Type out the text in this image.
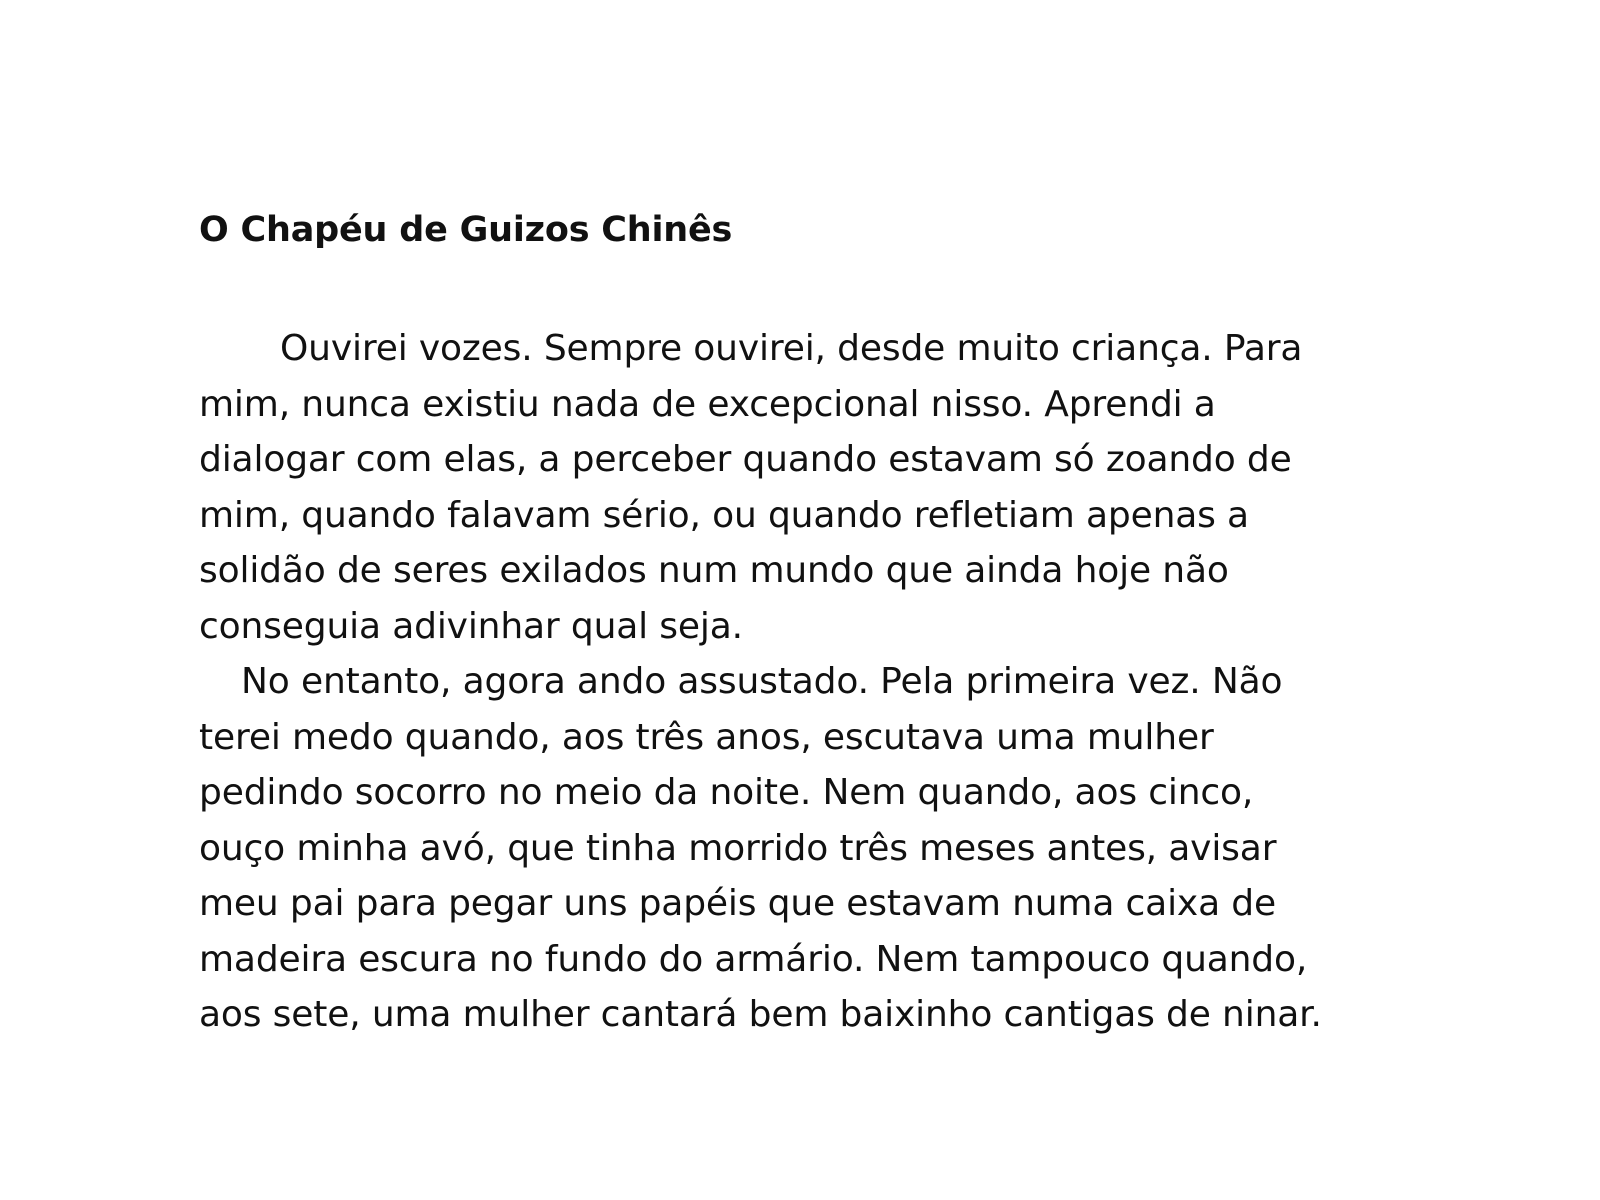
O Chapéu de Guizos Chinês
Ouvirei vozes. Sempre ouvirei, desde muito criança. Para
mim, nunca existiu nada de excepcional nisso. Aprendi a
dialogar com elas, a perceber quando estavam só zoando de
mim, quando falavam sério, ou quando refletiam apenas a
solidão de seres exilados num mundo que ainda hoje não
conseguia adivinhar qual seja.
No entanto, agora ando assustado. Pela primeira vez. Não
terei medo quando, aos três anos, escutava uma mulher
pedindo socorro no meio da noite. Nem quando, aos cinco,
ouço minha avó, que tinha morrido três meses antes, avisar
meu pai para pegar uns papéis que estavam numa caixa de
madeira escura no fundo do armário. Nem tampouco quando,
aos sete, uma mulher cantará bem baixinho cantigas de ninar.
